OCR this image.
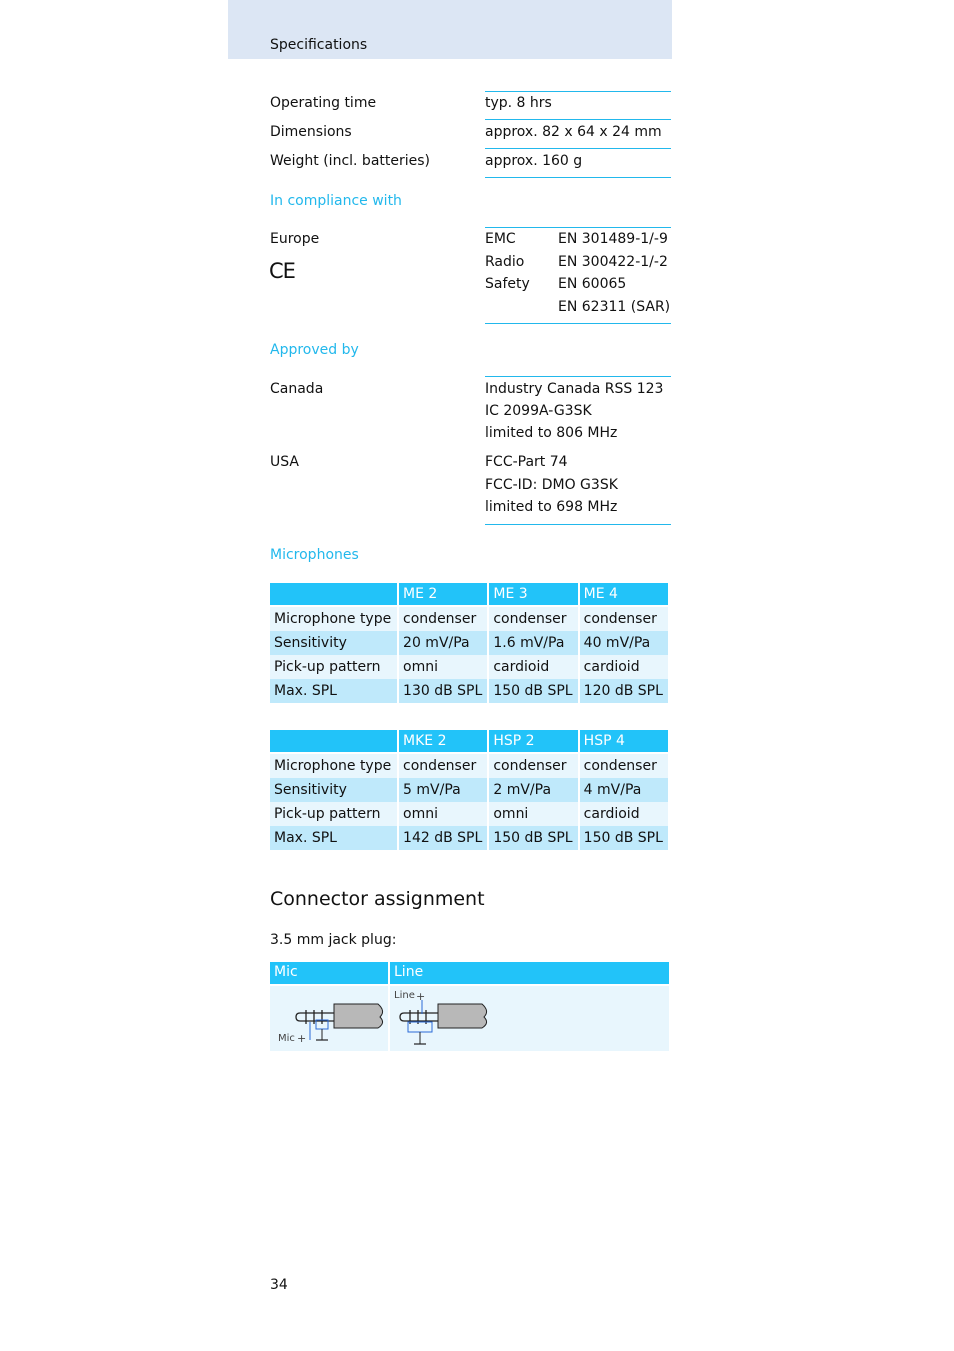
Specifications
Operating time	typ. 8 hrs
Dimensions	approx. 82 x 64 x 24 mm
Weight (incl. batteries)	approx. 160 g
In compliance with
Europe
CE
EMC	EN 301489-1/-9
Radio EN 300422-1/-2
Safety EN 60065
EN 62311 (SAR)
Approved by
Canada	Industry Canada RSS 123
IC 2099A-G3SK
limited to 806 MHz
USA	FCC-Part 74
FCC-ID: DMO G3SK
limited to 698 MHz
Microphones
	ME 2	ME 3	ME 4
Microphone type	condenser	condenser	condenser
Sensitivity	20 mV/Pa	1.6 mV/Pa	40 mV/Pa
Pick-up pattern	omni	cardioid	cardioid
Max. SPL	130 dB SPL	150 dB SPL	120 dB SPL
	MKE 2	HSP 2	HSP 4
Microphone type	condenser	condenser	condenser
Sensitivity	5 mV/Pa	2 mV/Pa	4 mV/Pa
Pick-up pattern	omni	omni	cardioid
Max. SPL	142 dB SPL	150 dB SPL	150 dB SPL
Connector assignment
3.5 mm jack plug:
Mic	Line
Mic +
Line +
34
